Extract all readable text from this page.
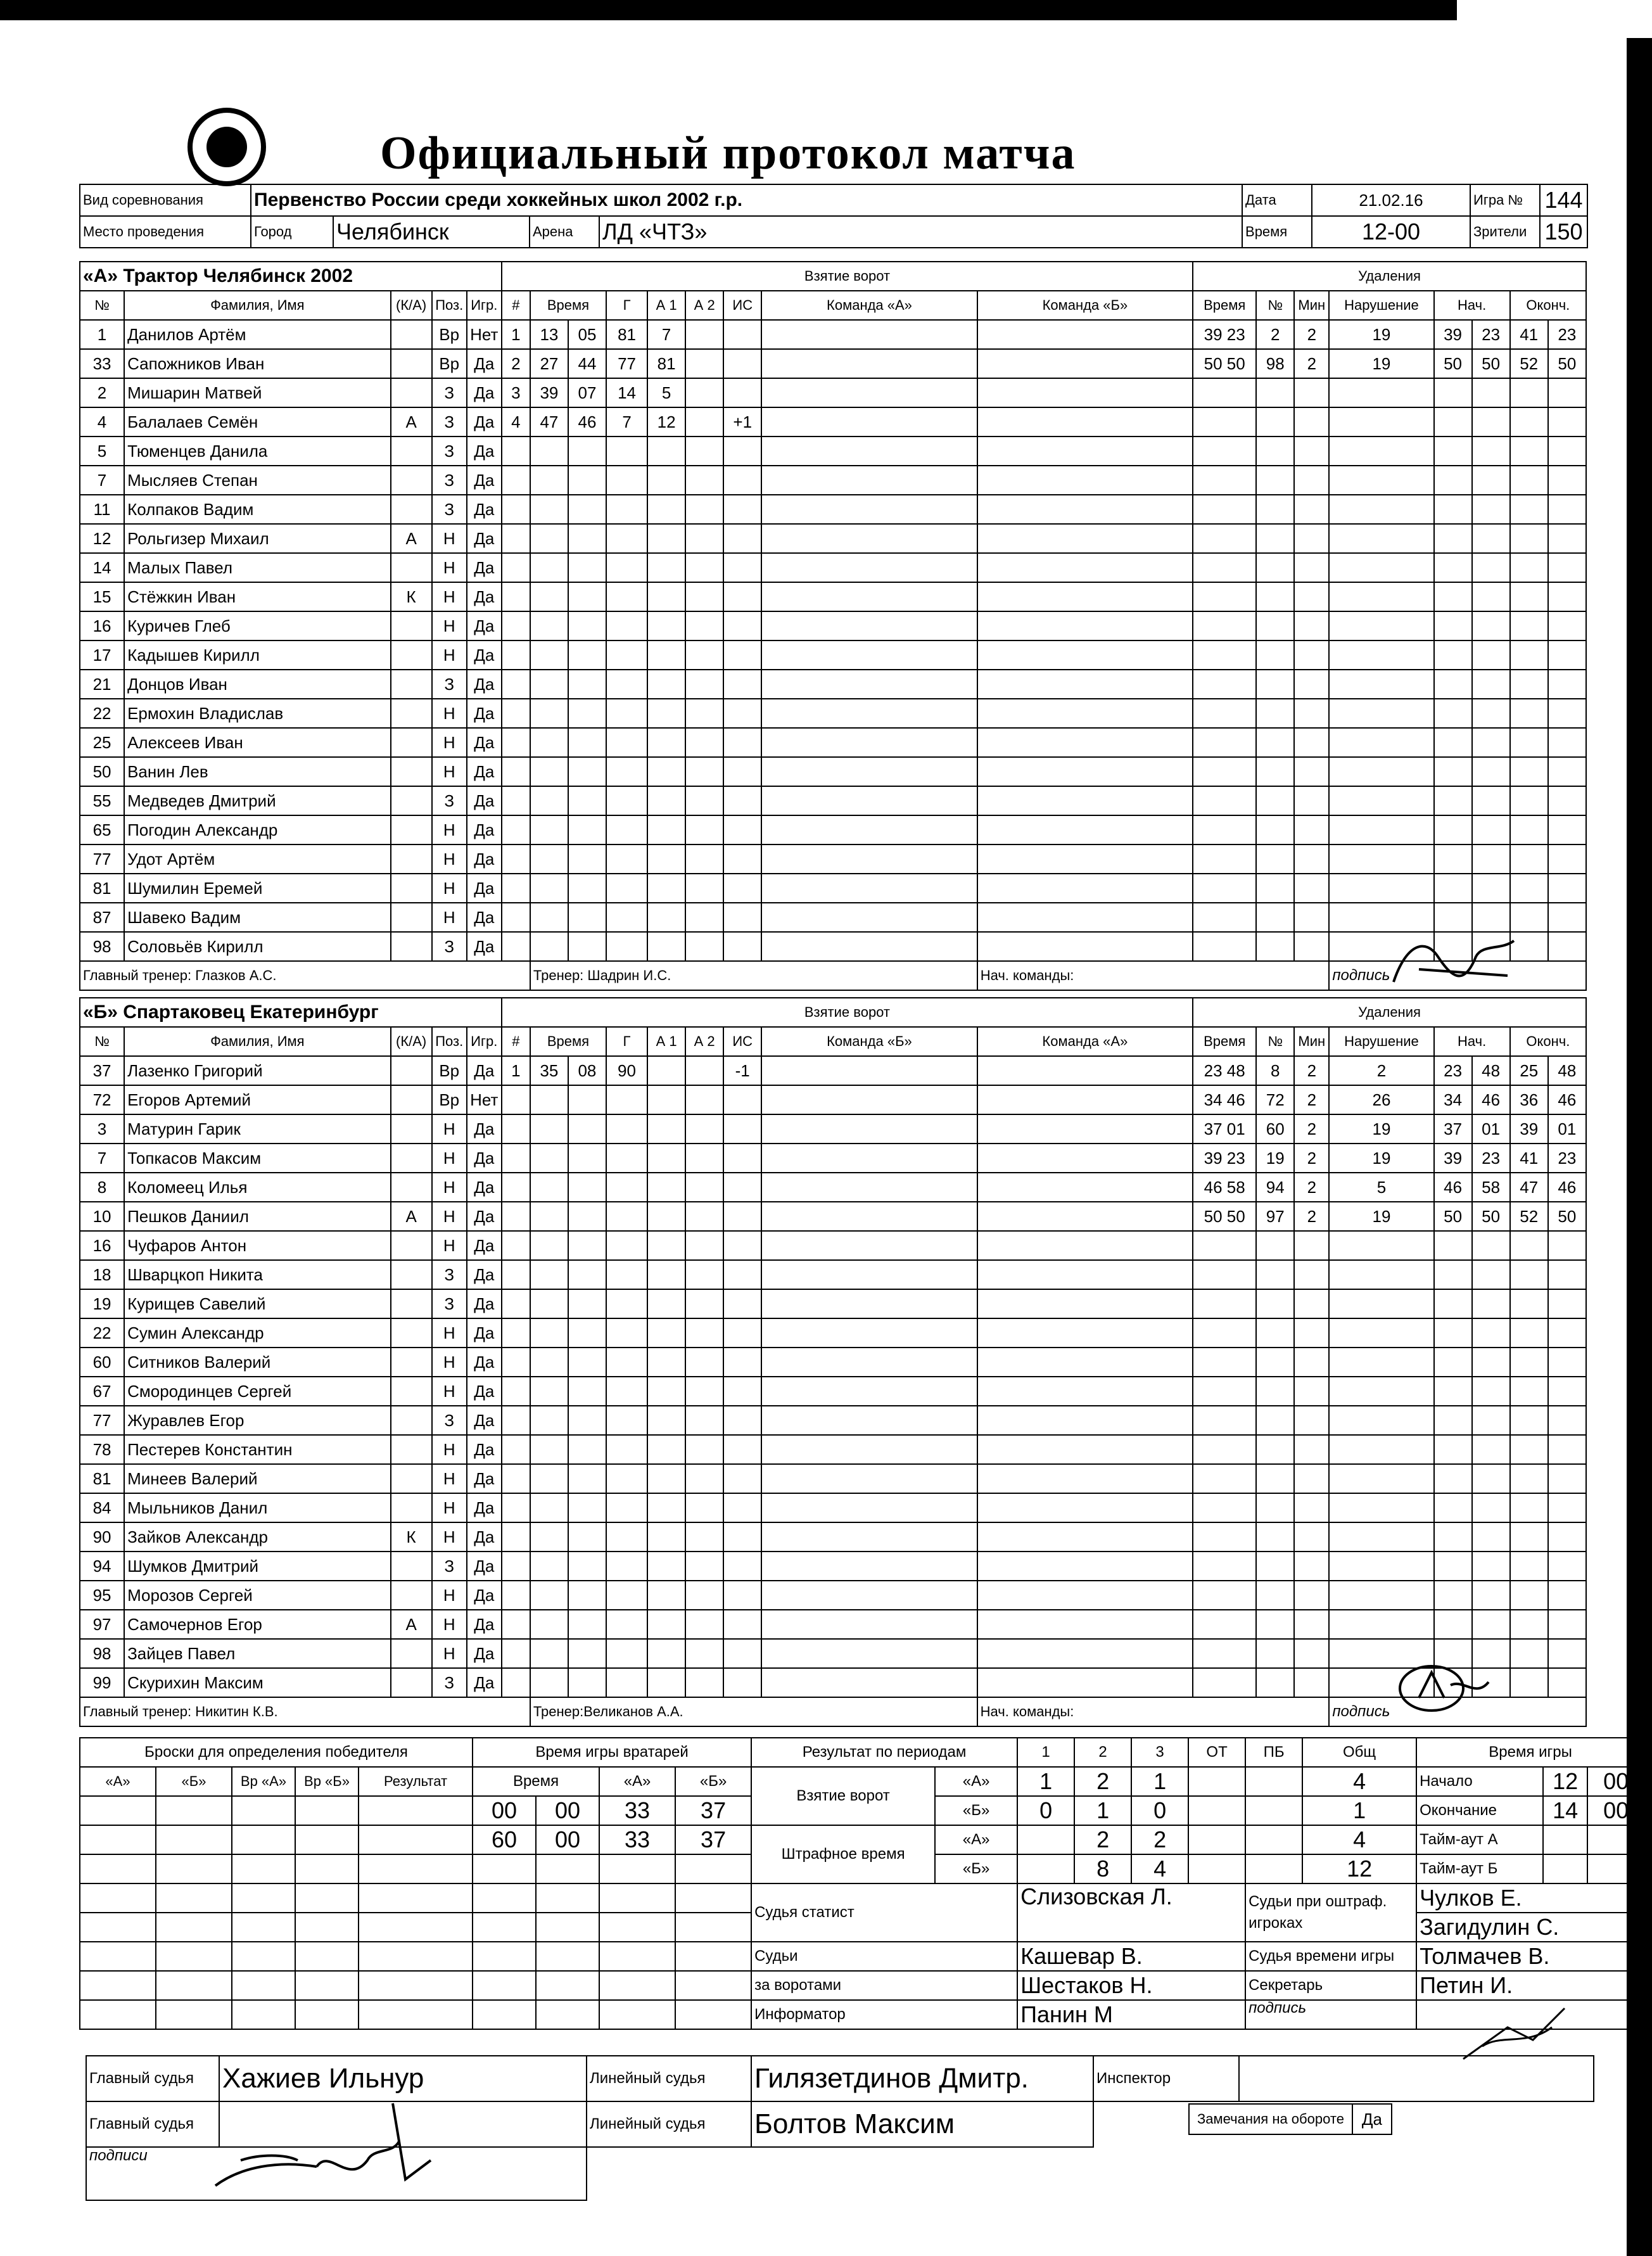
Официальный протокол матча
Вид соревнования	Первенство России среди хоккейных школ 2002 г.р.				Дата	21.02.16	Игра №	144
Место проведения	Город	Челябинск	Арена	ЛД «ЧТЗ»	Время	12-00	Зрители	150
«А» Трактор Челябинск 2002					Взятие ворот									Удаления							
№	Фамилия, Имя	(К/А)	Поз.	Игр.	#	Время		Г	А 1	А 2	ИС	Команда «А»	Команда «Б»	Время	№	Мин	Нарушение	Нач.		Оконч.	
1	Данилов Артём		Вр	Нет	1	13	05	81	7					39 23	2	2	19	39	23	41	23
33	Сапожников Иван		Вр	Да	2	27	44	77	81					50 50	98	2	19	50	50	52	50
2	Мишарин Матвей		З	Да	3	39	07	14	5												
4	Балалаев Семён	А	З	Да	4	47	46	7	12		+1										
5	Тюменцев Данила		З	Да																	
7	Мысляев Степан		З	Да																	
11	Колпаков Вадим		З	Да																	
12	Рольгизер Михаил	А	Н	Да																	
14	Малых Павел		Н	Да																	
15	Стёжкин Иван	К	Н	Да																	
16	Куричев Глеб		Н	Да																	
17	Кадышев Кирилл		Н	Да																	
21	Донцов Иван		З	Да																	
22	Ермохин Владислав		Н	Да																	
25	Алексеев Иван		Н	Да																	
50	Ванин Лев		Н	Да																	
55	Медведев Дмитрий		З	Да																	
65	Погодин Александр		Н	Да																	
77	Удот Артём		Н	Да																	
81	Шумилин Еремей		Н	Да																	
87	Шавеко Вадим		Н	Да																	
98	Соловьёв Кирилл		З	Да																	
Главный тренер: Глазков А.С.						Тренер: Шадрин И.С.							Нач. команды:				подпись				
«Б» Спартаковец Екатеринбург					Взятие ворот									Удаления							
№	Фамилия, Имя	(К/А)	Поз.	Игр.	#	Время		Г	А 1	А 2	ИС	Команда «Б»	Команда «А»	Время	№	Мин	Нарушение	Нач.		Оконч.	
37	Лазенко Григорий		Вр	Да	1	35	08	90			-1			23 48	8	2	2	23	48	25	48
72	Егоров Артемий		Вр	Нет										34 46	72	2	26	34	46	36	46
3	Матурин Гарик		Н	Да										37 01	60	2	19	37	01	39	01
7	Топкасов Максим		Н	Да										39 23	19	2	19	39	23	41	23
8	Коломеец Илья		Н	Да										46 58	94	2	5	46	58	47	46
10	Пешков Даниил	А	Н	Да										50 50	97	2	19	50	50	52	50
16	Чуфаров Антон		Н	Да																	
18	Шварцкоп Никита		З	Да																	
19	Курищев Савелий		З	Да																	
22	Сумин Александр		Н	Да																	
60	Ситников Валерий		Н	Да																	
67	Смородинцев Сергей		Н	Да																	
77	Журавлев Егор		З	Да																	
78	Пестерев Константин		Н	Да																	
81	Минеев Валерий		Н	Да																	
84	Мыльников Данил		Н	Да																	
90	Зайков Александр	К	Н	Да																	
94	Шумков Дмитрий		З	Да																	
95	Морозов Сергей		Н	Да																	
97	Самочернов Егор	А	Н	Да																	
98	Зайцев Павел		Н	Да																	
99	Скурихин Максим		З	Да																	
Главный тренер: Никитин К.В.						Тренер:Великанов А.А.							Нач. команды:				подпись				
Броски для определения победителя					Время игры вратарей				Результат по периодам		1	2	3	ОТ	ПБ	Общ	Время игры		
«А»	«Б»	Вр «А»	Вр «Б»	Результат	Время		«А»	«Б»	Взятие ворот	«А»	1	2	1			4	Начало	12	00
					00	00	33	37		«Б»	0	1	0			1	Окончание	14	00
					60	00	33	37	Штрафное время	«А»		2	2			4	Тайм-аут А		
										«Б»		8	4			12	Тайм-аут Б		
									Судья статист		Слизовская Л.				Судьи при оштраф. игроках		Чулков Е.		
																	Загидулин С.		
									Судьи		Кашевар В.				Судья времени игры		Толмачев В.		
									за воротами		Шестаков Н.				Секретарь		Петин И.		
									Информатор		Панин М				подпись				
Главный судья	Хажиев Ильнур	Линейный судья	Гилязетдинов Дмитр.	Инспектор	
Главный судья		Линейный судья	Болтов Максим		
подписи					
Замечания на обороте	Да
